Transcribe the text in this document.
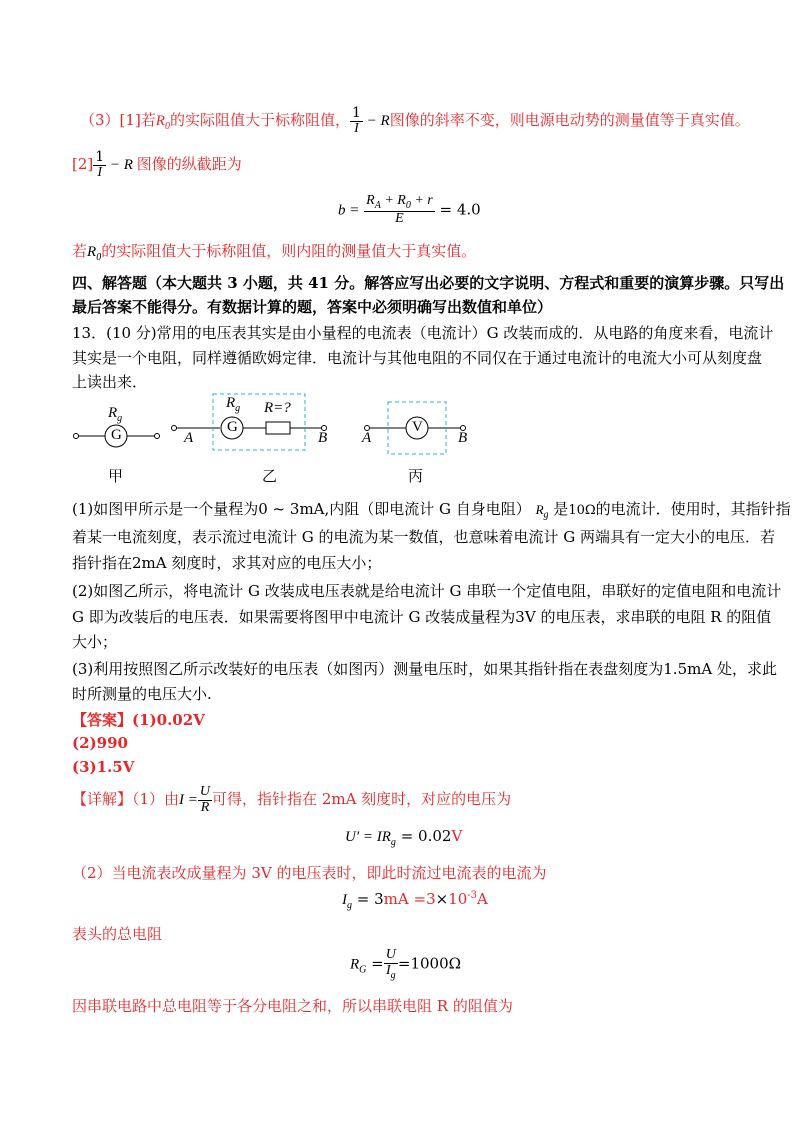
（3）[1]若$R_0$的实际阻值大于标称阻值， $\frac{1}{I} - R$图像的斜率不变，则电源电动势的测量值等于真实值。
$[2] \frac{1}{I} - R$ 图像的纵截距为
$b = \frac{R_A + R_0 + r}{E} = 4.0$
若$R_0$的实际阻值大于标称阻值，则内阻的测量值大于真实值。
四、解答题（本大题共 3 小题，共 41 分。解答应写出必要的文字说明、方程式和重要的演算步骤。只写出
最后答案不能得分。有数据计算的题，答案中必须明确写出数值和单位）
13．(10 分)常用的电压表其实是由小量程的电流表（电流计）G 改装而成的．从电路的角度来看，电流计
其实是一个电阻，同样遵循欧姆定律．电流计与其他电阻的不同仅在于通过电流计的电流大小可从刻度盘
上读出来．
$R_g$
G
$R_g$
G
R=?
A	B
V
A	B
甲	乙	丙
(1)如图甲所示是一个量程为0 ~ 3mA,内阻（即电流计 G 自身电阻） $R_g$ 是10Ω的电流计．使用时，其指针指
着某一电流刻度，表示流过电流计 G 的电流为某一数值，也意味着电流计 G 两端具有一定大小的电压．若
指针指在2mA 刻度时，求其对应的电压大小；
(2)如图乙所示，将电流计 G 改装成电压表就是给电流计 G 串联一个定值电阻，串联好的定值电阻和电流计
G 即为改装后的电压表．如果需要将图甲中电流计 G 改装成量程为3V 的电压表，求串联的电阻 R 的阻值
大小；
(3)利用按照图乙所示改装好的电压表（如图丙）测量电压时，如果其指针指在表盘刻度为1.5mA 处，求此
时所测量的电压大小.
【答案】(1)0.02V
(2)990
(3)1.5V
【详解】（1）由$I = \frac{U}{R}$ 可得，指针指在 2mA 刻度时，对应的电压为
$U' = IR_g = 0.02V$
（2）当电流表改成量程为 3V 的电压表时，即此时流过电流表的电流为
$I_g = 3mA =3\times 10^{-3}A$
表头的总电阻
$R_G = \frac{U}{I_g} =1000\Omega$
因串联电路中总电阻等于各分电阻之和，所以串联电阻 R 的阻值为
